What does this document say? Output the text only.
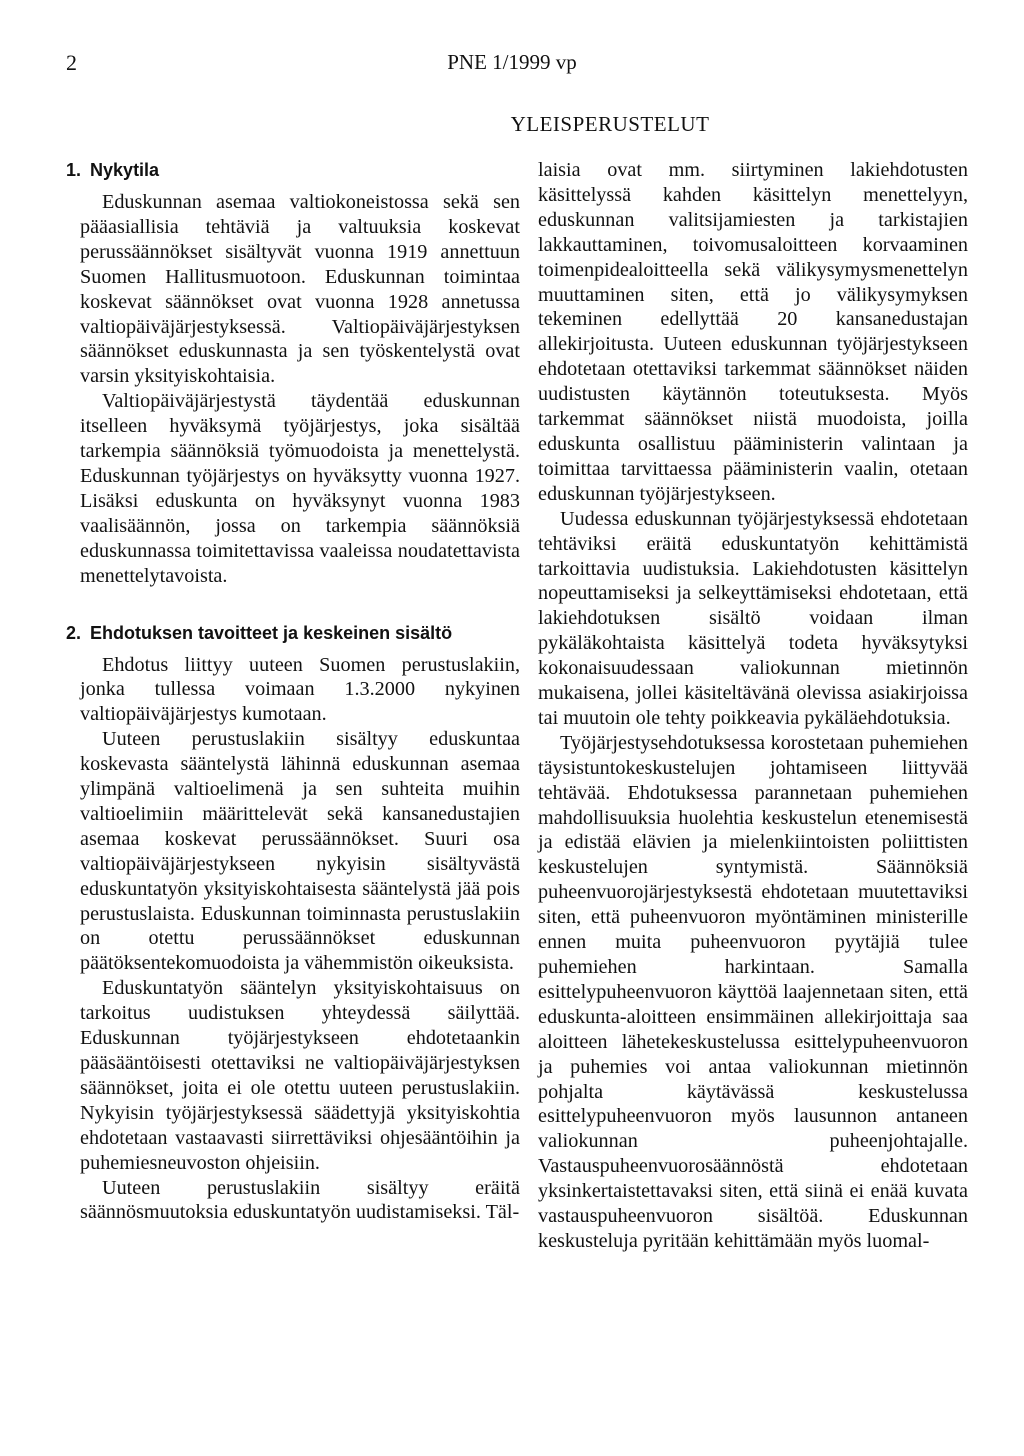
2	PNE 1/1999 vp
YLEISPERUSTELUT
1. Nykytila

Eduskunnan asemaa valtiokoneistossa sekä sen pääasiallisia tehtäviä ja valtuuksia koskevat perussäännökset sisältyvät vuonna 1919 annettuun Suomen Hallitusmuotoon. Eduskunnan toimintaa koskevat säännökset ovat vuonna 1928 annetussa valtiopäiväjärjestyksessä. Valtiopäiväjärjestyksen säännökset eduskunnasta ja sen työskentelystä ovat varsin yksityiskohtaisia.

Valtiopäiväjärjestystä täydentää eduskunnan itselleen hyväksymä työjärjestys, joka sisältää tarkempia säännöksiä työmuodoista ja menettelystä. Eduskunnan työjärjestys on hyväksytty vuonna 1927. Lisäksi eduskunta on hyväksynyt vuonna 1983 vaalisäännön, jossa on tarkempia säännöksiä eduskunnassa toimitettavissa vaaleissa noudatettavista menettelytavoista.

2. Ehdotuksen tavoitteet ja keskeinen sisältö

Ehdotus liittyy uuteen Suomen perustuslakiin, jonka tullessa voimaan 1.3.2000 nykyinen valtiopäiväjärjestys kumotaan.

Uuteen perustuslakiin sisältyy eduskuntaa koskevasta sääntelystä lähinnä eduskunnan asemaa ylimpänä valtioelimenä ja sen suhteita muihin valtioelimiin määrittelevät sekä kansanedustajien asemaa koskevat perussäännökset. Suuri osa valtiopäiväjärjestykseen nykyisin sisältyvästä eduskuntatyön yksityiskohtaisesta sääntelystä jää pois perustuslaista. Eduskunnan toiminnasta perustuslakiin on otettu perussäännökset eduskunnan päätöksentekomuodoista ja vähemmistön oikeuksista.

Eduskuntatyön sääntelyn yksityiskohtaisuus on tarkoitus uudistuksen yhteydessä säilyttää. Eduskunnan työjärjestykseen ehdotetaankin pääsääntöisesti otettaviksi ne valtiopäiväjärjestyksen säännökset, joita ei ole otettu uuteen perustuslakiin. Nykyisin työjärjestyksessä säädettyjä yksityiskohtia ehdotetaan vastaavasti siirrettäviksi ohjesääntöihin ja puhemiesneuvoston ohjeisiin.

Uuteen perustuslakiin sisältyy eräitä säännösmuutoksia eduskuntatyön uudistamiseksi. Täl-

laisia ovat mm. siirtyminen lakiehdotusten käsittelyssä kahden käsittelyn menettelyyn, eduskunnan valitsijamiesten ja tarkistajien lakkauttaminen, toivomusaloitteen korvaaminen toimenpidealoitteella sekä välikysymysmenettelyn muuttaminen siten, että jo välikysymyksen tekeminen edellyttää 20 kansanedustajan allekirjoitusta. Uuteen eduskunnan työjärjestykseen ehdotetaan otettaviksi tarkemmat säännökset näiden uudistusten käytännön toteutuksesta. Myös tarkemmat säännökset niistä muodoista, joilla eduskunta osallistuu pääministerin valintaan ja toimittaa tarvittaessa pääministerin vaalin, otetaan eduskunnan työjärjestykseen.

Uudessa eduskunnan työjärjestyksessä ehdotetaan tehtäviksi eräitä eduskuntatyön kehittämistä tarkoittavia uudistuksia. Lakiehdotusten käsittelyn nopeuttamiseksi ja selkeyttämiseksi ehdotetaan, että lakiehdotuksen sisältö voidaan ilman pykäläkohtaista käsittelyä todeta hyväksytyksi kokonaisuudessaan valiokunnan mietinnön mukaisena, jollei käsiteltävänä olevissa asiakirjoissa tai muutoin ole tehty poikkeavia pykäläehdotuksia.

Työjärjestysehdotuksessa korostetaan puhemiehen täysistuntokeskustelujen johtamiseen liittyvää tehtävää. Ehdotuksessa parannetaan puhemiehen mahdollisuuksia huolehtia keskustelun etenemisestä ja edistää elävien ja mielenkiintoisten poliittisten keskustelujen syntymistä. Säännöksiä puheenvuorojärjestyksestä ehdotetaan muutettaviksi siten, että puheenvuoron myöntäminen ministerille ennen muita puheenvuoron pyytäjiä tulee puhemiehen harkintaan. Samalla esittelypuheenvuoron käyttöä laajennetaan siten, että eduskunta-aloitteen ensimmäinen allekirjoittaja saa aloitteen lähetekeskustelussa esittelypuheenvuoron ja puhemies voi antaa valiokunnan mietinnön pohjalta käytävässä keskustelussa esittelypuheenvuoron myös lausunnon antaneen valiokunnan puheenjohtajalle. Vastauspuheenvuorosäännöstä ehdotetaan yksinkertaistettavaksi siten, että siinä ei enää kuvata vastauspuheenvuoron sisältöä. Eduskunnan keskusteluja pyritään kehittämään myös luomal-
